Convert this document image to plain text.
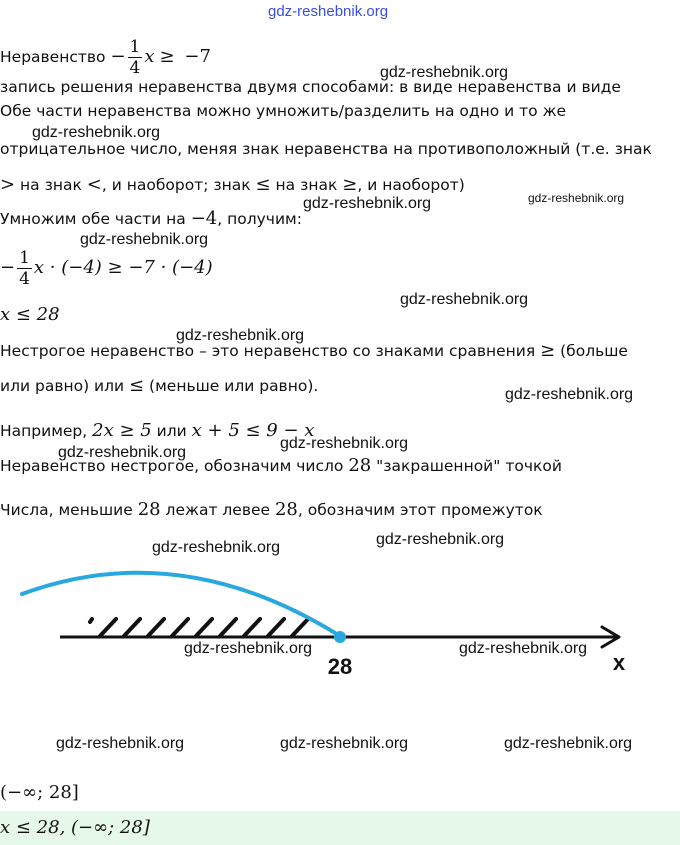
gdz-reshebnik.org
gdz-reshebnik.org
gdz-reshebnik.org
gdz-reshebnik.org	gdz-reshebnik.org
gdz-reshebnik.org
gdz-reshebnik.org
gdz-reshebnik.org
gdz-reshebnik.org
gdz-reshebnik.org
gdz-reshebnik.org
gdz-reshebnik.org	gdz-reshebnik.org
gdz-reshebnik.org	gdz-reshebnik.org
gdz-reshebnik.org	gdz-reshebnik.org	gdz-reshebnik.org
Неравенство − $\frac{1}{4}$ x ≥ −7
запись решения неравенства двумя способами: в виде неравенства и виде
Обе части неравенства можно умножить/разделить на одно и то же
отрицательное число, меняя знак неравенства на противоположный (т.е. знак
> на знак <, и наоборот; знак ≤ на знак ≥, и наоборот)
Умножим обе части на −4, получим:
− $\frac{1}{4}$ x · (−4) ≥ −7 · (−4)
x ≤ 28
Нестрогое неравенство – это неравенство со знаками сравнения ≥ (больше
или равно) или ≤ (меньше или равно).
Например, 2x ≥ 5 или x + 5 ≤ 9 − x
Неравенство нестрогое, обозначим число 28 "закрашенной" точкой
Числа, меньшие 28 лежат левее 28, обозначим этот промежуток
28	x
(−∞; 28]
x ≤ 28, (−∞; 28]
